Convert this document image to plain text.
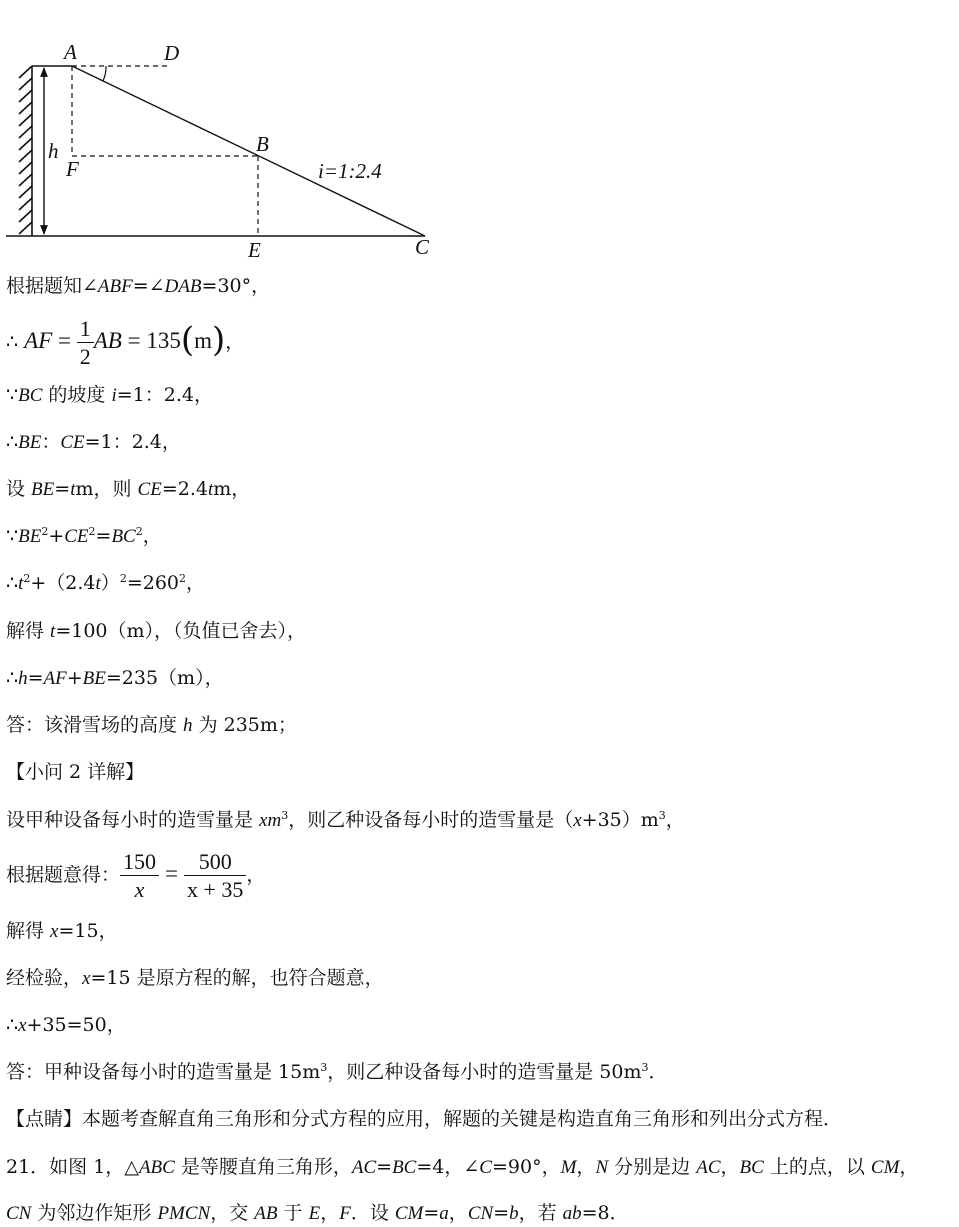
A	D
B
h
F
E	C
i=1:2.4
根据题知∠ABF=∠DAB=30°，
∴ AF = $\frac{1}{2}$ AB = 135(m)，
∵BC 的坡度 i=1：2.4，
∴BE：CE=1：2.4，
设 BE=tm，则 CE=2.4tm，
$\because BE^2+CE^2=BC^2$，
$\therefore t^2+(2.4t)^2=260^2$，
解得 t=100（m），（负值已舍去），
∴h=AF+BE=235（m），
答：该滑雪场的高度 h 为 235m；
【小问 2 详解】
设甲种设备每小时的造雪量是 $xm^3$，则乙种设备每小时的造雪量是$(x+35)m^3$，
根据题意得： $\frac{150}{x} = \frac{500}{x + 35}$ ，
解得 x=15，
经检验，x=15 是原方程的解，也符合题意，
∴x+35=50，
答：甲种设备每小时的造雪量是 $15m^3$，则乙种设备每小时的造雪量是 $50m^3$．
【点睛】本题考查解直角三角形和分式方程的应用，解题的关键是构造直角三角形和列出分式方程．
21．如图 1，△ABC 是等腰直角三角形，AC=BC=4，∠C=90°，M，N 分别是边 AC，BC 上的点，以 CM，
CN 为邻边作矩形 PMCN，交 AB 于 E，F．设 CM=a，CN=b，若 ab=8．
